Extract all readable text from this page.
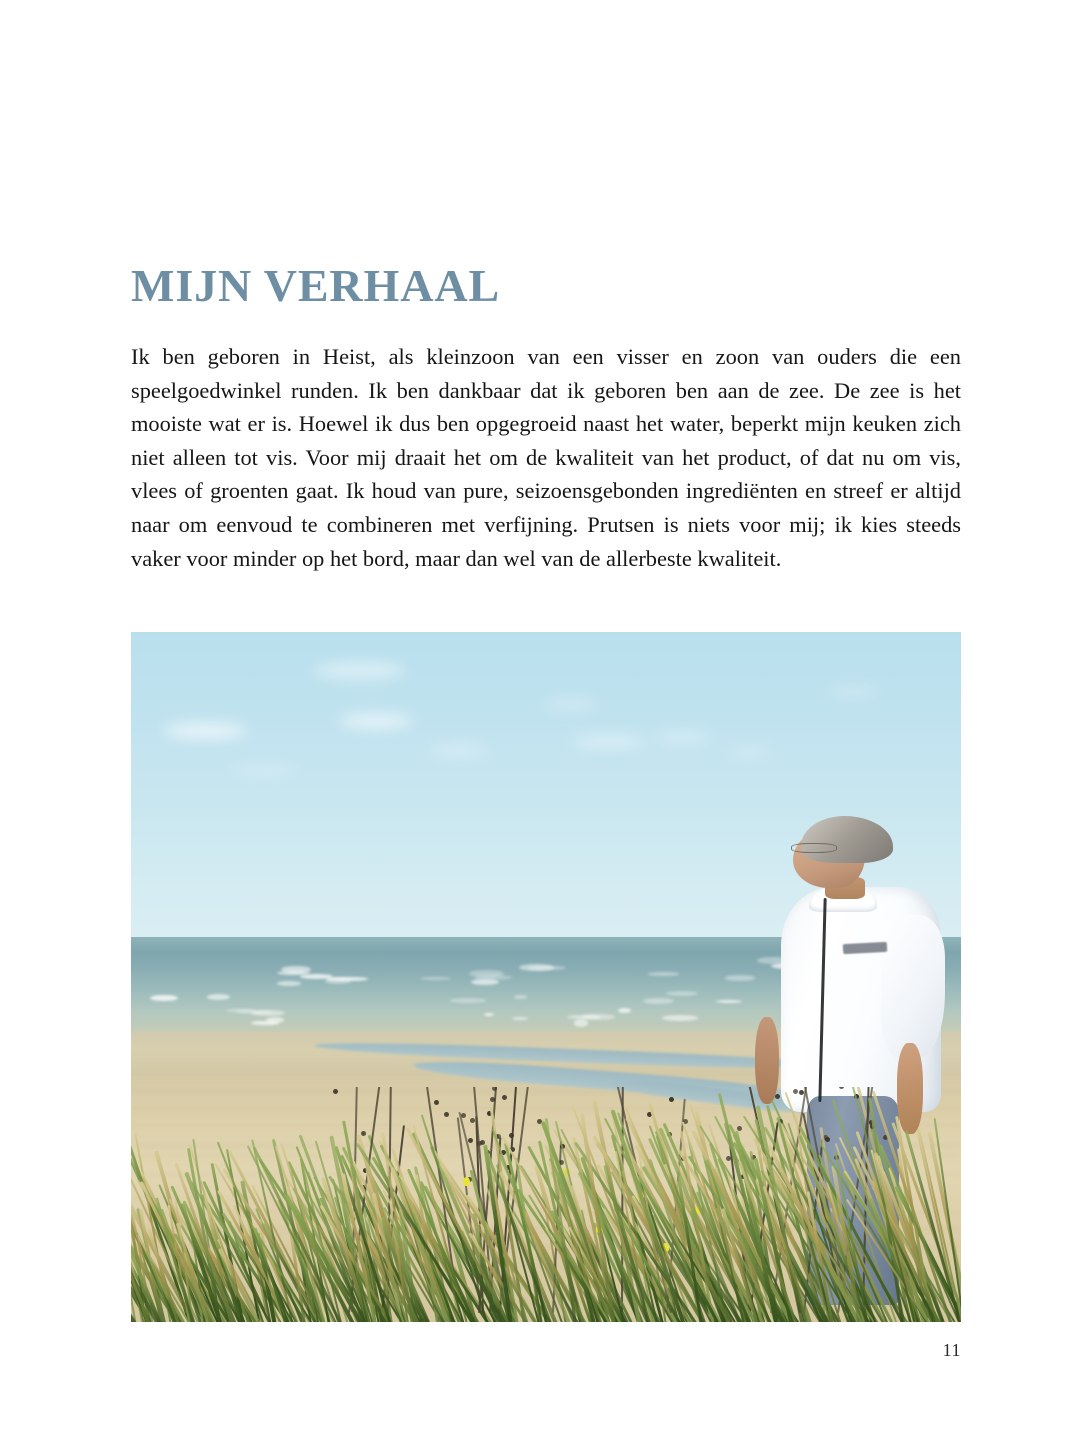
MIJN VERHAAL

Ik ben geboren in Heist, als kleinzoon van een visser en zoon van ouders die een speelgoedwinkel runden. Ik ben dankbaar dat ik geboren ben aan de zee. De zee is het mooiste wat er is. Hoewel ik dus ben opgegroeid naast het water, beperkt mijn keuken zich niet alleen tot vis. Voor mij draait het om de kwaliteit van het product, of dat nu om vis, vlees of groenten gaat. Ik houd van pure, seizoensgebonden ingrediënten en streef er altijd naar om eenvoud te combineren met verfijning. Prutsen is niets voor mij; ik kies steeds vaker voor minder op het bord, maar dan wel van de allerbeste kwaliteit.

11
